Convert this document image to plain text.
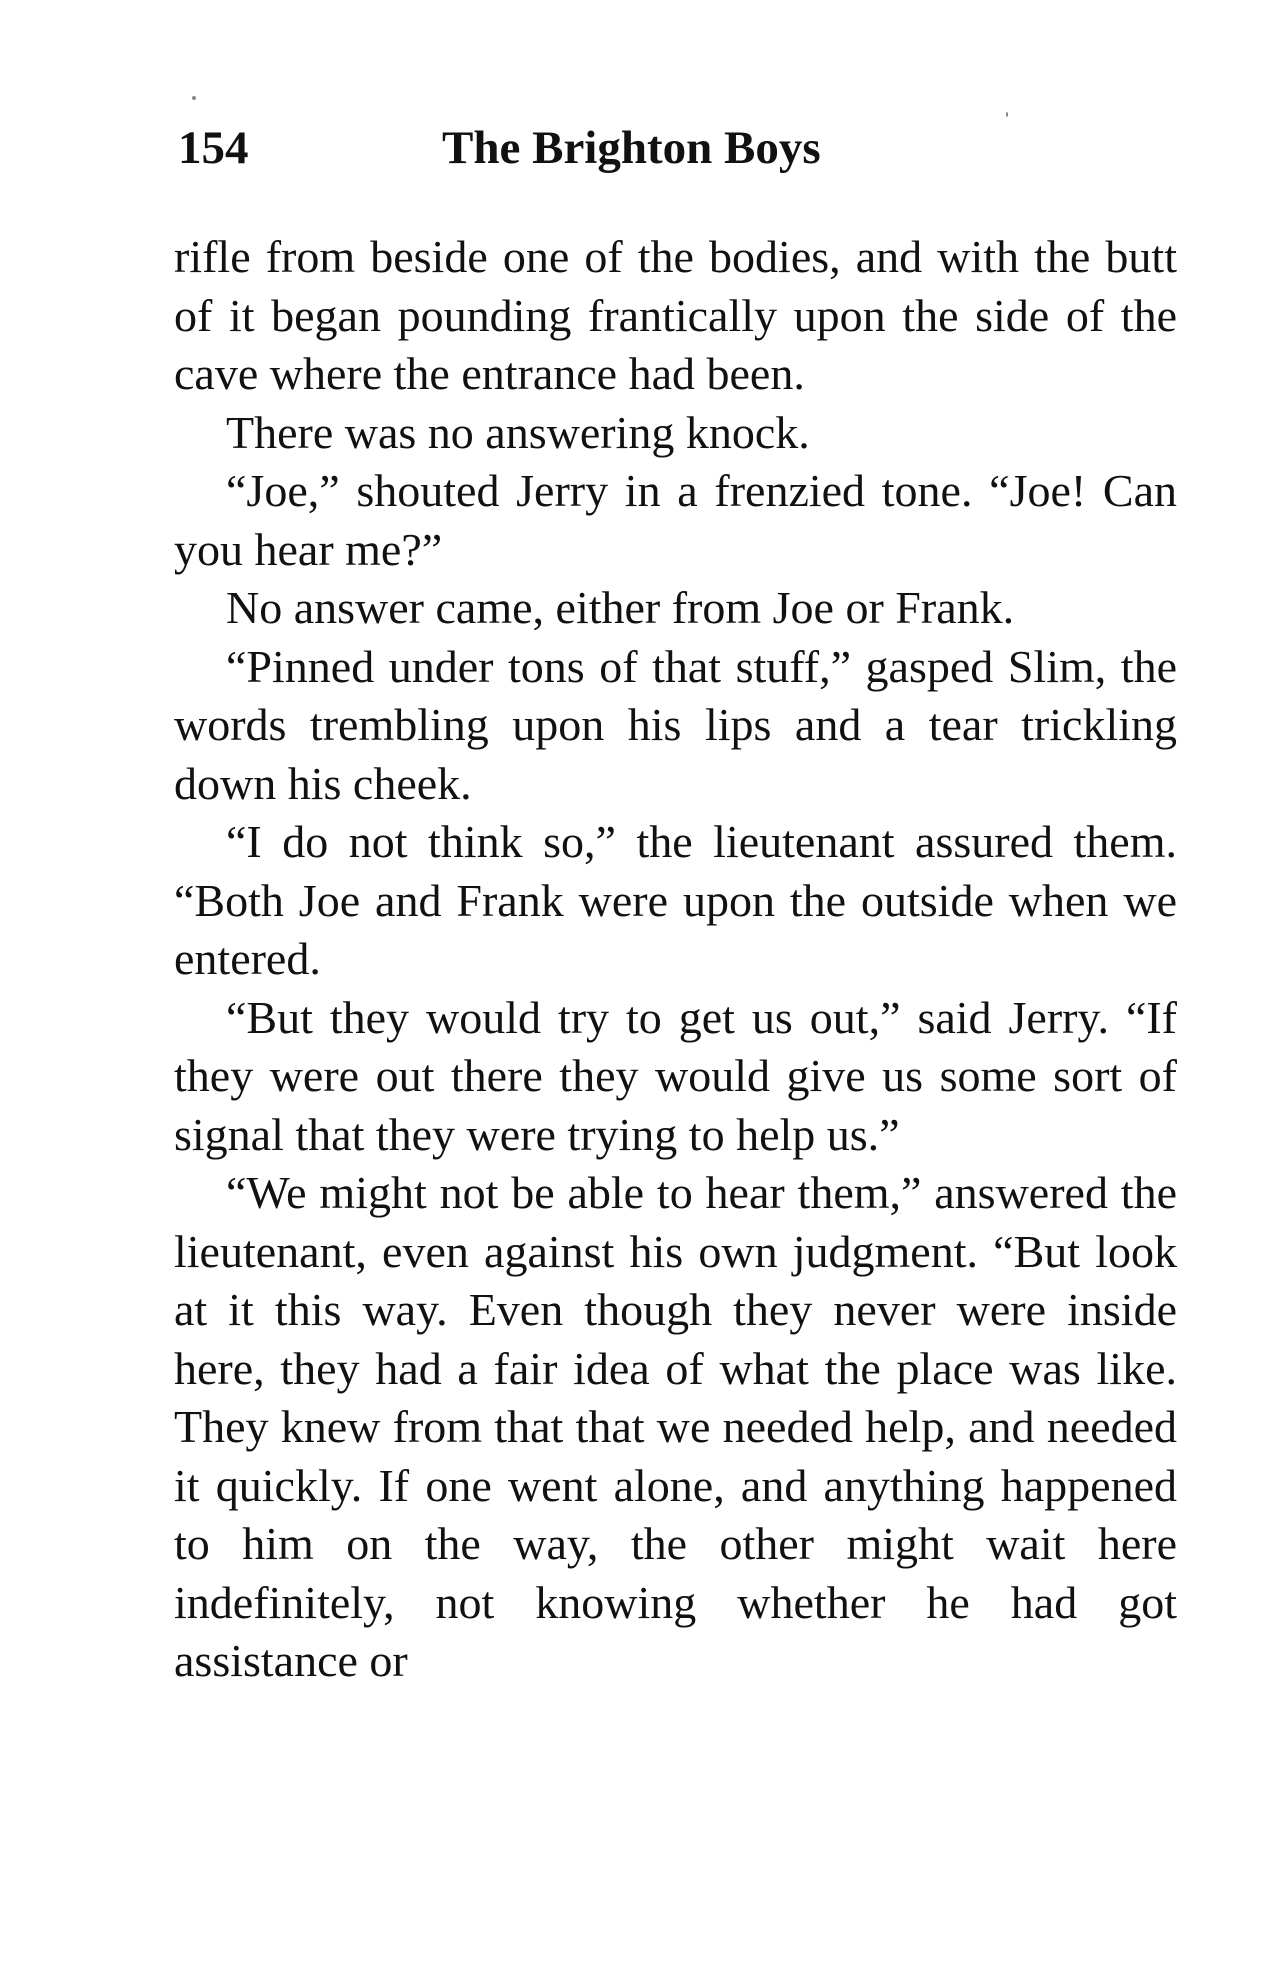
154	The Brighton Boys

rifle from beside one of the bodies, and with the butt of it began pounding frantically upon the side of the cave where the entrance had been.

There was no answering knock.

“Joe,” shouted Jerry in a frenzied tone. “Joe! Can you hear me?”

No answer came, either from Joe or Frank.

“Pinned under tons of that stuff,” gasped Slim, the words trembling upon his lips and a tear trickling down his cheek.

“I do not think so,” the lieutenant assured them. “Both Joe and Frank were upon the outside when we entered.

“But they would try to get us out,” said Jerry. “If they were out there they would give us some sort of signal that they were trying to help us.”

“We might not be able to hear them,” answered the lieutenant, even against his own judgment. “But look at it this way. Even though they never were inside here, they had a fair idea of what the place was like. They knew from that that we needed help, and needed it quickly. If one went alone, and anything happened to him on the way, the other might wait here indefinitely, not knowing whether he had got assistance or
